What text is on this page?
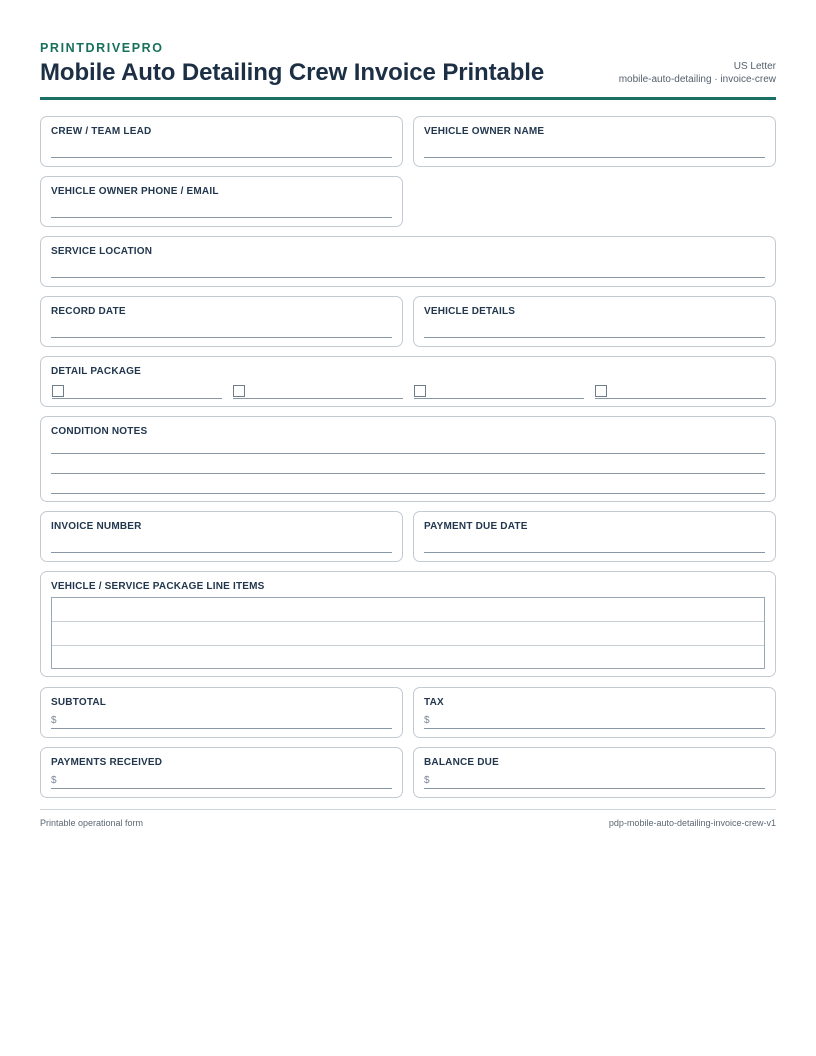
PRINTDRIVEPRO
Mobile Auto Detailing Crew Invoice Printable	US Letter
mobile-auto-detailing · invoice-crew
CREW / TEAM LEAD	VEHICLE OWNER NAME
VEHICLE OWNER PHONE / EMAIL
SERVICE LOCATION
RECORD DATE	VEHICLE DETAILS
DETAIL PACKAGE
CONDITION NOTES
INVOICE NUMBER	PAYMENT DUE DATE
VEHICLE / SERVICE PACKAGE LINE ITEMS
SUBTOTAL
$
TAX
$
PAYMENTS RECEIVED
$
BALANCE DUE
$
Printable operational form	pdp-mobile-auto-detailing-invoice-crew-v1
